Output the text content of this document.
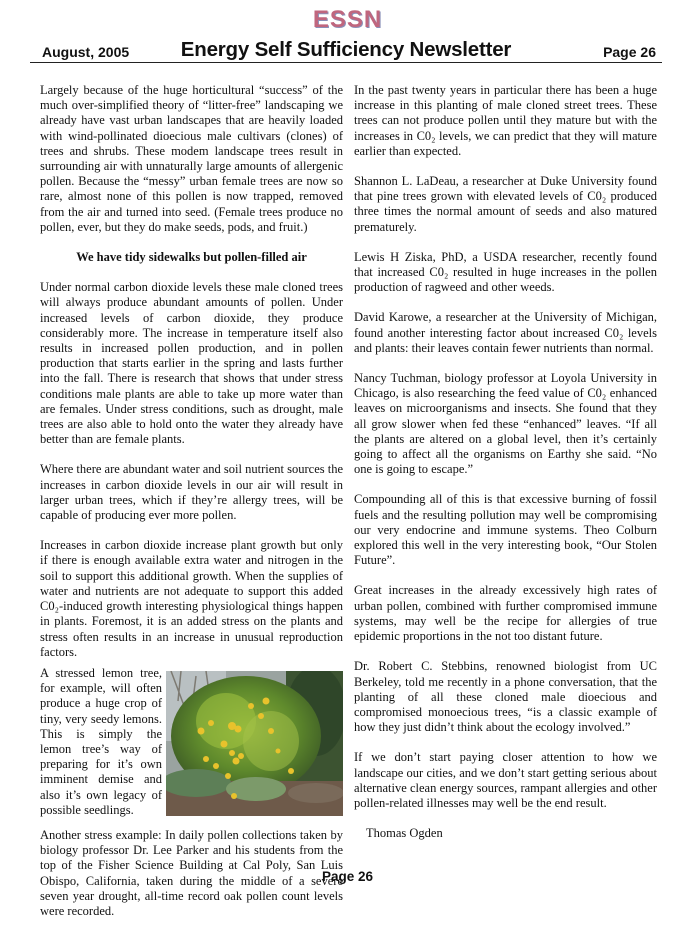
ESSN
August, 2005	Energy Self Sufficiency Newsletter	Page 26

Largely because of the huge horticultural “success” of the much over-simplified theory of “litter-free” landscaping we already have vast urban landscapes that are heavily loaded with wind-pollinated dioecious male cultivars (clones) of trees and shrubs. These modem landscape trees result in surrounding air with unnaturally large amounts of allergenic pollen. Because the “messy” urban female trees are now so rare, almost none of this pollen is now trapped, removed from the air and turned into seed. (Female trees produce no pollen, ever, but they do make seeds, pods, and fruit.)

We have tidy sidewalks but pollen-filled air

Under normal carbon dioxide levels these male cloned trees will always produce abundant amounts of pollen. Under increased levels of carbon dioxide, they produce considerably more. The increase in temperature itself also results in increased pollen production, and in pollen production that starts earlier in the spring and lasts further into the fall. There is research that shows that under stress conditions male plants are able to take up more water than are females. Under stress conditions, such as drought, male trees are also able to hold onto the water they already have better than are female plants.

Where there are abundant water and soil nutrient sources the increases in carbon dioxide levels in our air will result in larger urban trees, which if they’re allergy trees, will be capable of producing ever more pollen.

Increases in carbon dioxide increase plant growth but only if there is enough available extra water and nitrogen in the soil to support this additional growth. When the supplies of water and nutrients are not adequate to support this added C0₂-induced growth interesting physiological things happen in plants. Foremost, it is an added stress on the plants and stress often results in an increase in unusual reproduction factors.

A stressed lemon tree, for example, will often produce a huge crop of tiny, very seedy lemons. This is simply the lemon tree’s way of preparing for it’s own imminent demise and also it’s own legacy of possible seedlings.

Another stress example: In daily pollen collections taken by biology professor Dr. Lee Parker and his students from the top of the Fisher Science Building at Cal Poly, San Luis Obispo, California, taken during the middle of a severe seven year drought, all-time record oak pollen count levels were recorded.

In the past twenty years in particular there has been a huge increase in this planting of male cloned street trees. These trees can not produce pollen until they mature but with the increases in C0₂ levels, we can predict that they will mature earlier than expected.

Shannon L. LaDeau, a researcher at Duke University found that pine trees grown with elevated levels of C0₂ produced three times the normal amount of seeds and also matured prematurely.

Lewis H Ziska, PhD, a USDA researcher, recently found that increased C0₂ resulted in huge increases in the pollen production of ragweed and other weeds.

David Karowe, a researcher at the University of Michigan, found another interesting factor about increased C0₂ levels and plants: their leaves contain fewer nutrients than normal.

Nancy Tuchman, biology professor at Loyola University in Chicago, is also researching the feed value of C0₂ enhanced leaves on microorganisms and insects. She found that they all grow slower when fed these “enhanced” leaves. “If all the plants are altered on a global level, then it’s certainly going to affect all the organisms on Earthy she said. “No one is going to escape.”

Compounding all of this is that excessive burning of fossil fuels and the resulting pollution may well be compromising our very endocrine and immune systems. Theo Colburn explored this well in the very interesting book, “Our Stolen Future”.

Great increases in the already excessively high rates of urban pollen, combined with further compromised immune systems, may well be the recipe for allergies of true epidemic proportions in the not too distant future.

Dr. Robert C. Stebbins, renowned biologist from UC Berkeley, told me recently in a phone conversation, that the planting of all these cloned male dioecious and compromised monoecious trees, “is a classic example of how they just didn’t think about the ecology involved.”

If we don’t start paying closer attention to how we landscape our cities, and we don’t start getting serious about alternative clean energy sources, rampant allergies and other pollen-related illnesses may well be the end result.

Thomas Ogden

Page 26
